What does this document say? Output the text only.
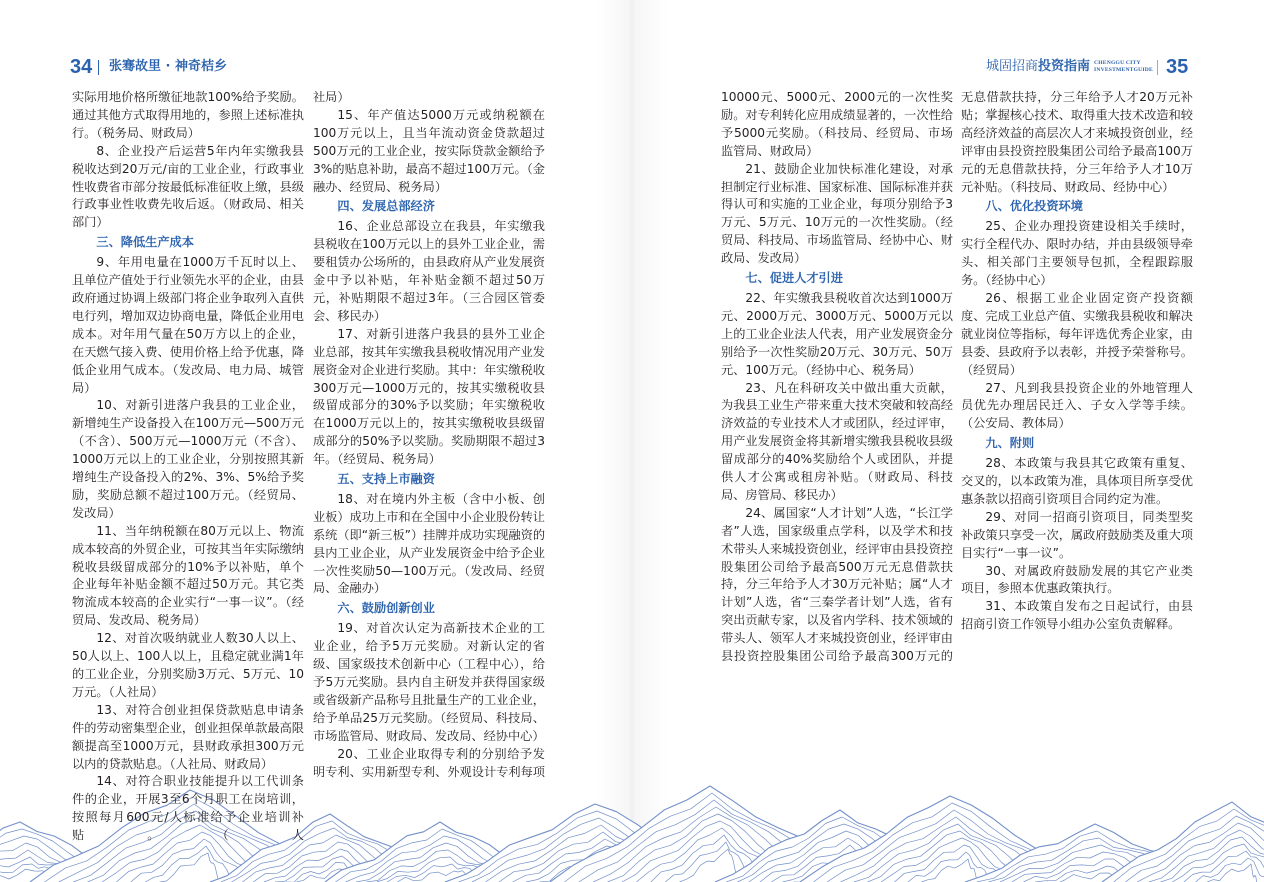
34 张骞故里 · 神奇桔乡	城固招商投资指南 CHENGGU CITY
INVESTMENTGUIDE 35

实际用地价格所缴征地款100%给予奖励。通过其他方式取得用地的，参照上述标准执行。（税务局、财政局）

8、企业投产后运营5年内年实缴我县税收达到20万元/亩的工业企业，行政事业性收费省市部分按最低标准征收上缴，县级行政事业性收费先收后返。（财政局、相关部门）

三、降低生产成本

9、年用电量在1000万千瓦时以上、且单位产值处于行业领先水平的企业，由县政府通过协调上级部门将企业争取列入直供电行列，增加双边协商电量，降低企业用电成本。对年用气量在50万方以上的企业，在天燃气接入费、使用价格上给予优惠，降低企业用气成本。（发改局、电力局、城管局）

10、对新引进落户我县的工业企业，新增纯生产设备投入在100万元—500万元（不含）、500万元—1000万元（不含）、1000万元以上的工业企业，分别按照其新增纯生产设备投入的2%、3%、5%给予奖励，奖励总额不超过100万元。（经贸局、发改局）

11、当年纳税额在80万元以上、物流成本较高的外贸企业，可按其当年实际缴纳税收县级留成部分的10%予以补贴，单个企业每年补贴金额不超过50万元。其它类物流成本较高的企业实行“一事一议”。（经贸局、发改局、税务局）

12、对首次吸纳就业人数30人以上、50人以上、100人以上，且稳定就业满1年的工业企业，分别奖励3万元、5万元、10万元。（人社局）

13、对符合创业担保贷款贴息申请条件的劳动密集型企业，创业担保单款最高限额提高至1000万元，县财政承担300万元以内的贷款贴息。（人社局、财政局）

14、对符合职业技能提升以工代训条件的企业，开展3至6个月职工在岗培训，按照每月600元/人标准给予企业培训补贴。（人

社局）

15、年产值达5000万元或纳税额在100万元以上，且当年流动资金贷款超过500万元的工业企业，按实际贷款金额给予3%的贴息补助，最高不超过100万元。（金融办、经贸局、税务局）

四、发展总部经济

16、企业总部设立在我县，年实缴我县税收在100万元以上的县外工业企业，需要租赁办公场所的，由县政府从产业发展资金中予以补贴，年补贴金额不超过50万元，补贴期限不超过3年。（三合园区管委会、移民办）

17、对新引进落户我县的县外工业企业总部，按其年实缴我县税收情况用产业发展资金对企业进行奖励。其中：年实缴税收300万元—1000万元的，按其实缴税收县级留成部分的30%予以奖励；年实缴税收在1000万元以上的，按其实缴税收县级留成部分的50%予以奖励。奖励期限不超过3年。（经贸局、税务局）

五、支持上市融资

18、对在境内外主板（含中小板、创业板）成功上市和在全国中小企业股份转让系统（即“新三板”）挂牌并成功实现融资的县内工业企业，从产业发展资金中给予企业一次性奖励50—100万元。（发改局、经贸局、金融办）

六、鼓励创新创业

19、对首次认定为高新技术企业的工业企业，给予5万元奖励。对新认定的省级、国家级技术创新中心（工程中心），给予5万元奖励。县内自主研发并获得国家级或省级新产品称号且批量生产的工业企业，给予单品25万元奖励。（经贸局、科技局、市场监管局、财政局、发改局、经协中心）

20、工业企业取得专利的分别给予发明专利、实用新型专利、外观设计专利每项

10000元、5000元、2000元的一次性奖励。对专利转化应用成绩显著的，一次性给予5000元奖励。（科技局、经贸局、市场监管局、财政局）

21、鼓励企业加快标准化建设，对承担制定行业标准、国家标准、国际标准并获得认可和实施的工业企业，每项分别给予3万元、5万元、10万元的一次性奖励。（经贸局、科技局、市场监管局、经协中心、财政局、发改局）

七、促进人才引进

22、年实缴我县税收首次达到1000万元、2000万元、3000万元、5000万元以上的工业企业法人代表，用产业发展资金分别给予一次性奖励20万元、30万元、50万元、100万元。（经协中心、税务局）

23、凡在科研攻关中做出重大贡献，为我县工业生产带来重大技术突破和较高经济效益的专业技术人才或团队，经过评审，用产业发展资金将其新增实缴我县税收县级留成部分的40%奖励给个人或团队，并提供人才公寓或租房补贴。（财政局、科技局、房管局、移民办）

24、属国家“人才计划”人选，“长江学者”人选，国家级重点学科，以及学术和技术带头人来城投资创业，经评审由县投资控股集团公司给予最高500万元无息借款扶持，分三年给予人才30万元补贴；属“人才计划”人选，省“三秦学者计划”人选，省有突出贡献专家，以及省内学科、技术领域的带头人、领军人才来城投资创业，经评审由县投资控股集团公司给予最高300万元的

无息借款扶持，分三年给予人才20万元补贴；掌握核心技术、取得重大技术改造和较高经济效益的高层次人才来城投资创业，经评审由县投资控股集团公司给予最高100万元的无息借款扶持，分三年给予人才10万元补贴。（科技局、财政局、经协中心）

八、优化投资环境

25、企业办理投资建设相关手续时，实行全程代办、限时办结，并由县级领导牵头、相关部门主要领导包抓，全程跟踪服务。（经协中心）

26、根据工业企业固定资产投资额度、完成工业总产值、实缴我县税收和解决就业岗位等指标，每年评选优秀企业家，由县委、县政府予以表彰，并授予荣誉称号。（经贸局）

27、凡到我县投资企业的外地管理人员优先办理居民迁入、子女入学等手续。（公安局、教体局）

九、附则

28、本政策与我县其它政策有重复、交叉的，以本政策为准，具体项目所享受优惠条款以招商引资项目合同约定为准。

29、对同一招商引资项目，同类型奖补政策只享受一次，属政府鼓励类及重大项目实行“一事一议”。

30、对属政府鼓励发展的其它产业类项目，参照本优惠政策执行。

31、本政策自发布之日起试行，由县招商引资工作领导小组办公室负责解释。
